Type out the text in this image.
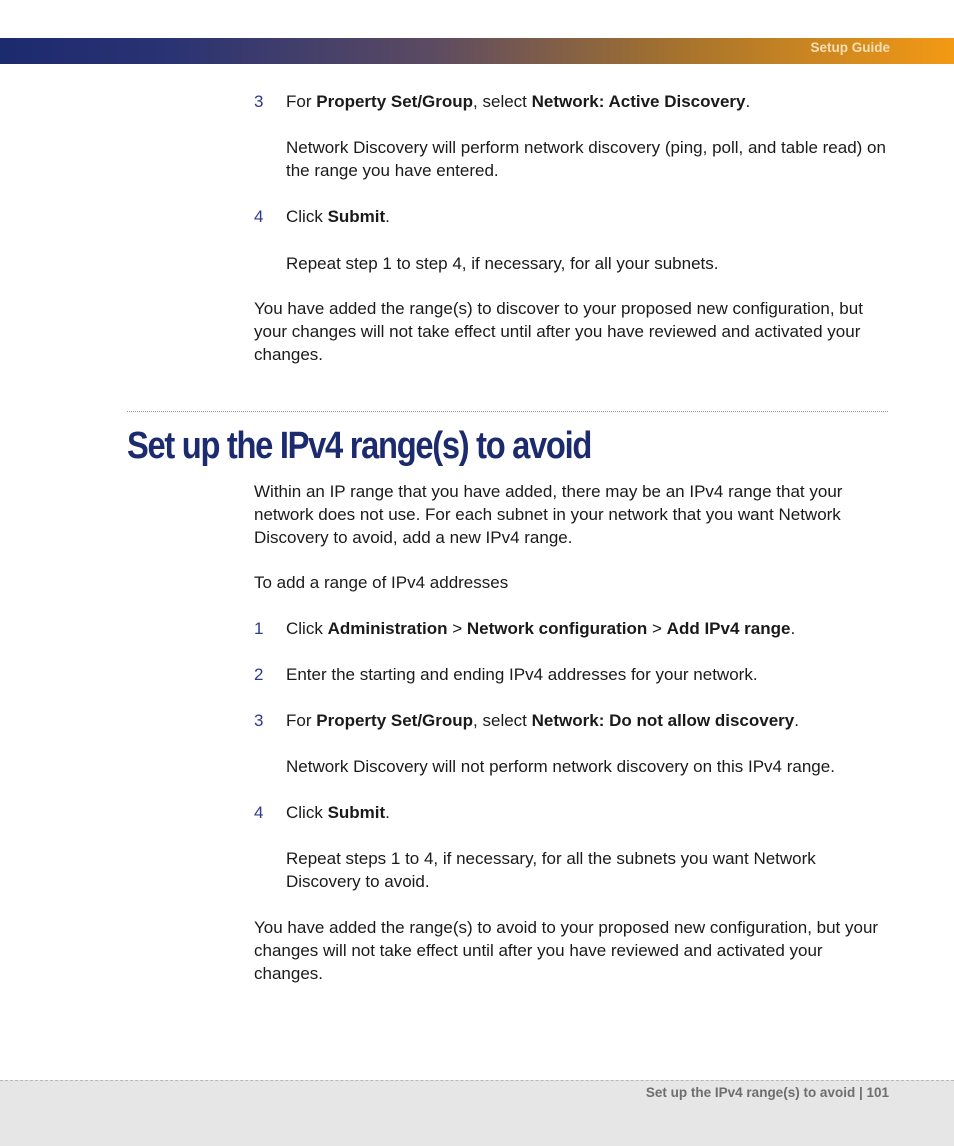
Setup Guide
3 For Property Set/Group, select Network: Active Discovery.
Network Discovery will perform network discovery (ping, poll, and table read) on the range you have entered.
4 Click Submit.
Repeat step 1 to step 4, if necessary, for all your subnets.
You have added the range(s) to discover to your proposed new configuration, but your changes will not take effect until after you have reviewed and activated your changes.
Set up the IPv4 range(s) to avoid
Within an IP range that you have added, there may be an IPv4 range that your network does not use. For each subnet in your network that you want Network Discovery to avoid, add a new IPv4 range.
To add a range of IPv4 addresses
1 Click Administration > Network configuration > Add IPv4 range.
2 Enter the starting and ending IPv4 addresses for your network.
3 For Property Set/Group, select Network: Do not allow discovery.
Network Discovery will not perform network discovery on this IPv4 range.
4 Click Submit.
Repeat steps 1 to 4, if necessary, for all the subnets you want Network Discovery to avoid.
You have added the range(s) to avoid to your proposed new configuration, but your changes will not take effect until after you have reviewed and activated your changes.
Set up the IPv4 range(s) to avoid | 101
